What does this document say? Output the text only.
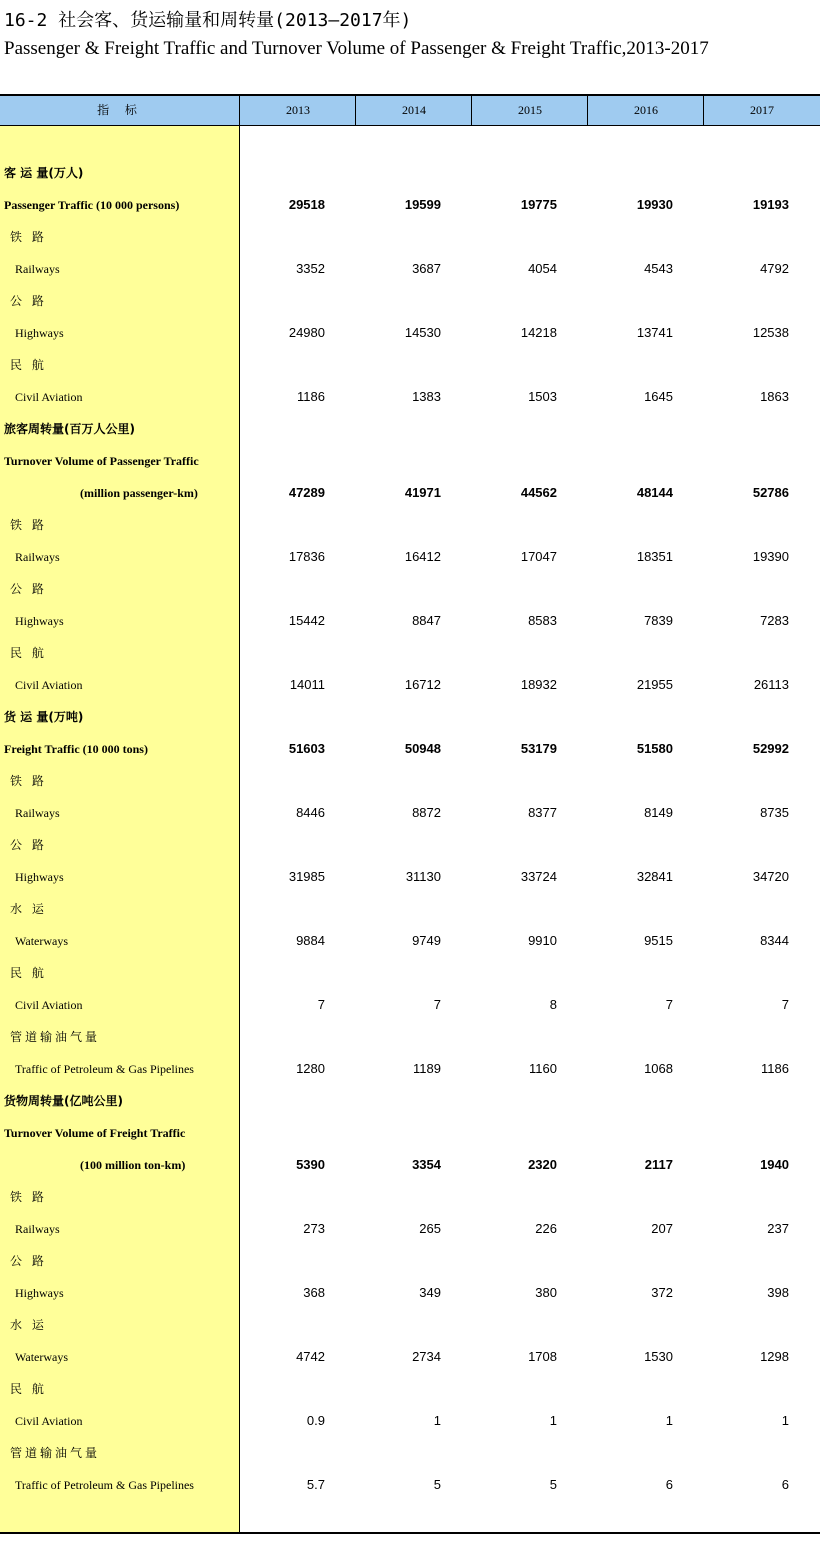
16-2 社会客、货运输量和周转量(2013—2017年)
Passenger & Freight Traffic and Turnover Volume of Passenger & Freight Traffic,2013-2017
指 标	2013	2014	2015	2016	2017
客 运 量(万人)
Passenger Traffic (10 000 persons)	29518	19599	19775	19930	19193
铁 路
Railways	3352	3687	4054	4543	4792
公 路
Highways	24980	14530	14218	13741	12538
民 航
Civil Aviation	1186	1383	1503	1645	1863
旅客周转量(百万人公里)
Turnover Volume of Passenger Traffic
(million passenger-km)	47289	41971	44562	48144	52786
铁 路
Railways	17836	16412	17047	18351	19390
公 路
Highways	15442	8847	8583	7839	7283
民 航
Civil Aviation	14011	16712	18932	21955	26113
货 运 量(万吨)
Freight Traffic (10 000 tons)	51603	50948	53179	51580	52992
铁 路
Railways	8446	8872	8377	8149	8735
公 路
Highways	31985	31130	33724	32841	34720
水 运
Waterways	9884	9749	9910	9515	8344
民 航
Civil Aviation	7	7	8	7	7
管道输油气量
Traffic of Petroleum & Gas Pipelines	1280	1189	1160	1068	1186
货物周转量(亿吨公里)
Turnover Volume of Freight Traffic
(100 million ton-km)	5390	3354	2320	2117	1940
铁 路
Railways	273	265	226	207	237
公 路
Highways	368	349	380	372	398
水 运
Waterways	4742	2734	1708	1530	1298
民 航
Civil Aviation	0.9	1	1	1	1
管道输油气量
Traffic of Petroleum & Gas Pipelines	5.7	5	5	6	6
